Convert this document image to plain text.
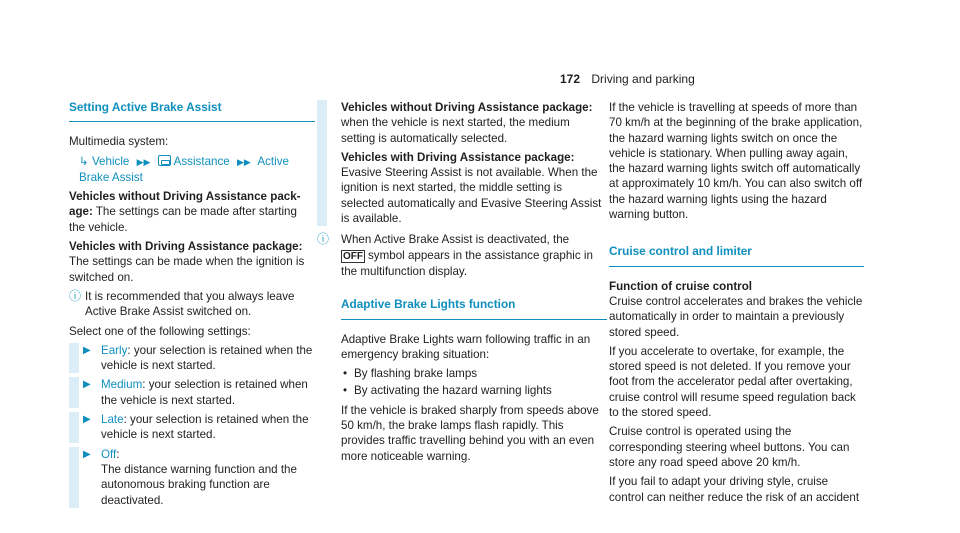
172 Driving and parking
Setting Active Brake Assist

Multimedia system:

↳ Vehicle ▶▶ Assistance ▶▶ Active
Brake Assist

Vehicles without Driving Assistance pack-
age: The settings can be made after starting the vehicle.

Vehicles with Driving Assistance package:
The settings can be made when the ignition is switched on.

ⓘ It is recommended that you always leave Active Brake Assist switched on.

Select one of the following settings:

▶ Early: your selection is retained when the vehicle is next started.
▶ Medium: your selection is retained when the vehicle is next started.
▶ Late: your selection is retained when the vehicle is next started.
▶ Off:
The distance warning function and the autonomous braking function are deactivated.

Vehicles without Driving Assistance package: when the vehicle is next started, the medium setting is automatically selected.

Vehicles with Driving Assistance package: Evasive Steering Assist is not available. When the ignition is next started, the middle setting is selected automatically and Evasive Steering Assist is available.

ⓘ	When Active Brake Assist is deactivated, the OFF symbol appears in the assistance graphic in the multifunction display.
Adaptive Brake Lights function

Adaptive Brake Lights warn following traffic in an emergency braking situation:

• By flashing brake lamps
• By activating the hazard warning lights

If the vehicle is braked sharply from speeds above 50 km/h, the brake lamps flash rapidly. This provides traffic travelling behind you with an even more noticeable warning.

If the vehicle is travelling at speeds of more than 70 km/h at the beginning of the brake application, the hazard warning lights switch on once the vehicle is stationary. When pulling away again, the hazard warning lights switch off automatically at approximately 10 km/h. You can also switch off the hazard warning lights using the hazard warning button.

Cruise control and limiter

Function of cruise control

Cruise control accelerates and brakes the vehicle automatically in order to maintain a previously stored speed.

If you accelerate to overtake, for example, the stored speed is not deleted. If you remove your foot from the accelerator pedal after overtaking, cruise control will resume speed regulation back to the stored speed.

Cruise control is operated using the corresponding steering wheel buttons. You can store any road speed above 20 km/h.

If you fail to adapt your driving style, cruise control can neither reduce the risk of an accident
